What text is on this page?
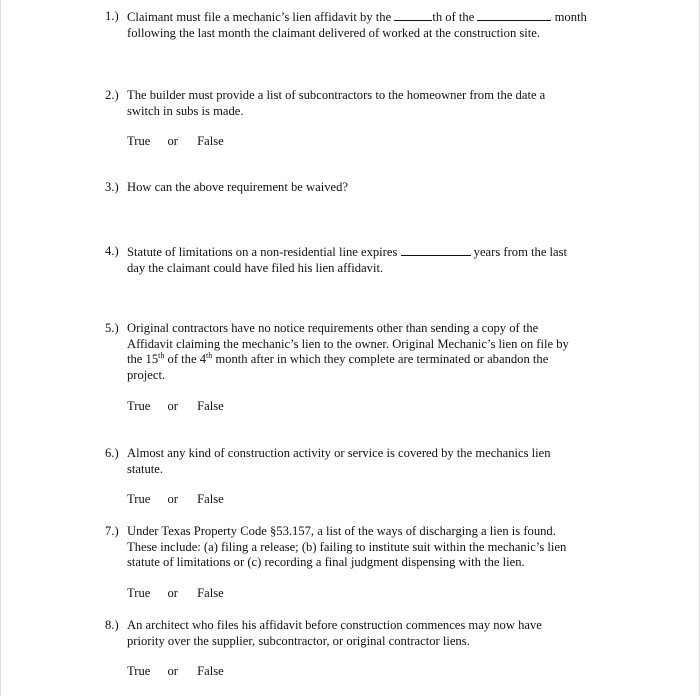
1.) Claimant must file a mechanic’s lien affidavit by the	th of the	month
following the last month the claimant delivered of worked at the construction site.
2.) The builder must provide a list of subcontractors to the homeowner from the date a
switch in subs is made.
True or False
3.) How can the above requirement be waived?
4.) Statute of limitations on a non-residential line expires	years from the last
day the claimant could have filed his lien affidavit.
5.) Original contractors have no notice requirements other than sending a copy of the
Affidavit claiming the mechanic’s lien to the owner. Original Mechanic’s lien on file by
the 15th of the 4th month after in which they complete are terminated or abandon the
project.
True or False
6.) Almost any kind of construction activity or service is covered by the mechanics lien
statute.
True or False
7.) Under Texas Property Code §53.157, a list of the ways of discharging a lien is found.
These include: (a) filing a release; (b) failing to institute suit within the mechanic’s lien
statute of limitations or (c) recording a final judgment dispensing with the lien.
True or False
8.) An architect who files his affidavit before construction commences may now have
priority over the supplier, subcontractor, or original contractor liens.
True or False
